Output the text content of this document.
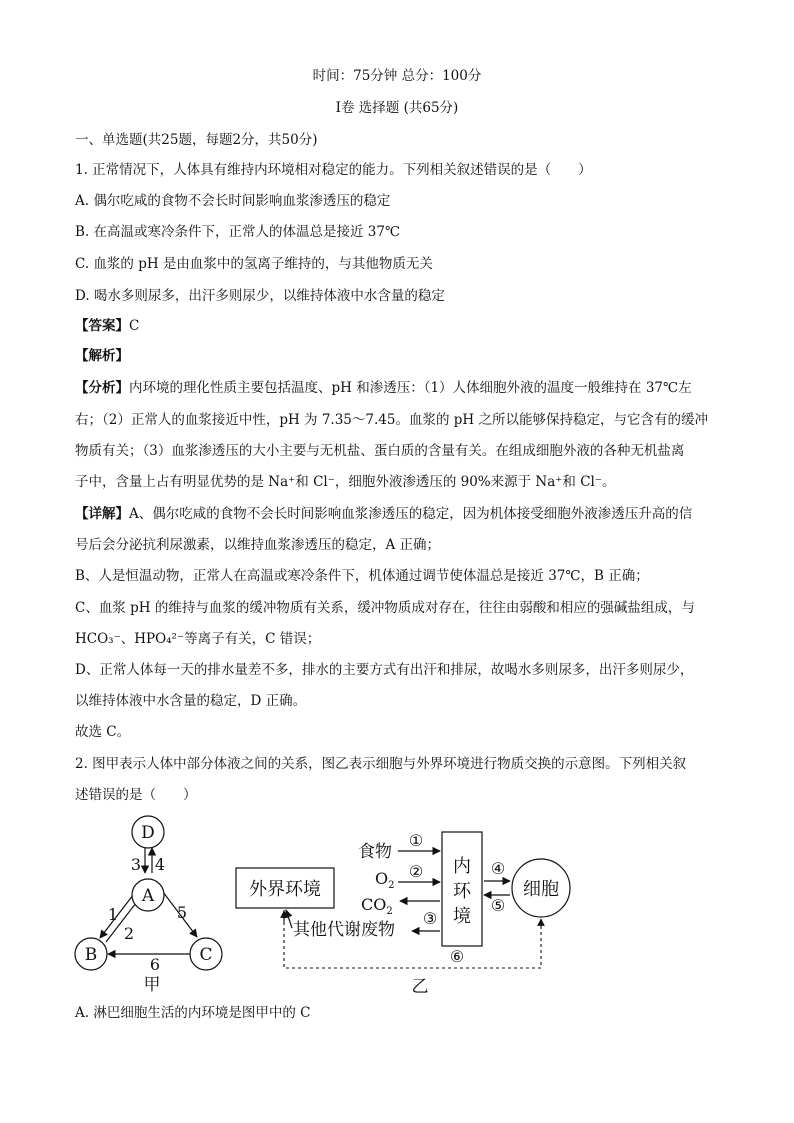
时间：75分钟 总分：100分
Ⅰ卷 选择题 (共65分)
一、单选题(共25题，每题2分，共50分)
1. 正常情况下，人体具有维持内环境相对稳定的能力。下列相关叙述错误的是（　　）
A. 偶尔吃咸的食物不会长时间影响血浆渗透压的稳定
B. 在高温或寒冷条件下，正常人的体温总是接近 37℃
C. 血浆的 pH 是由血浆中的氢离子维持的，与其他物质无关
D. 喝水多则尿多，出汗多则尿少，以维持体液中水含量的稳定
【答案】C
【解析】
【分析】内环境的理化性质主要包括温度、pH 和渗透压：（1）人体细胞外液的温度一般维持在 37℃左
右；（2）正常人的血浆接近中性，pH 为 7.35～7.45。血浆的 pH 之所以能够保持稳定，与它含有的缓冲
物质有关；（3）血浆渗透压的大小主要与无机盐、蛋白质的含量有关。在组成细胞外液的各种无机盐离
子中，含量上占有明显优势的是 Na⁺和 Cl⁻，细胞外液渗透压的 90%来源于 Na⁺和 Cl⁻。
【详解】A、偶尔吃咸的食物不会长时间影响血浆渗透压的稳定，因为机体接受细胞外液渗透压升高的信
号后会分泌抗利尿激素，以维持血浆渗透压的稳定，A 正确；
B、人是恒温动物，正常人在高温或寒冷条件下，机体通过调节使体温总是接近 37℃，B 正确；
C、血浆 pH 的维持与血浆的缓冲物质有关系，缓冲物质成对存在，往往由弱酸和相应的强碱盐组成，与
HCO₃⁻、HPO₄²⁻等离子有关，C 错误；
D、正常人体每一天的排水量差不多，排水的主要方式有出汗和排尿，故喝水多则尿多，出汗多则尿少，
以维持体液中水含量的稳定，D 正确。
故选 C。
2. 图甲表示人体中部分体液之间的关系，图乙表示细胞与外界环境进行物质交换的示意图。下列相关叙
述错误的是（　　）
D
A
B	C
3 4
1
2
5
6
甲
外界环境
内
环
境
细胞
食物
①
$O_2$
②
$CO_2$
其他代谢废物
③
④
⑤
⑥
乙
A. 淋巴细胞生活的内环境是图甲中的 C
